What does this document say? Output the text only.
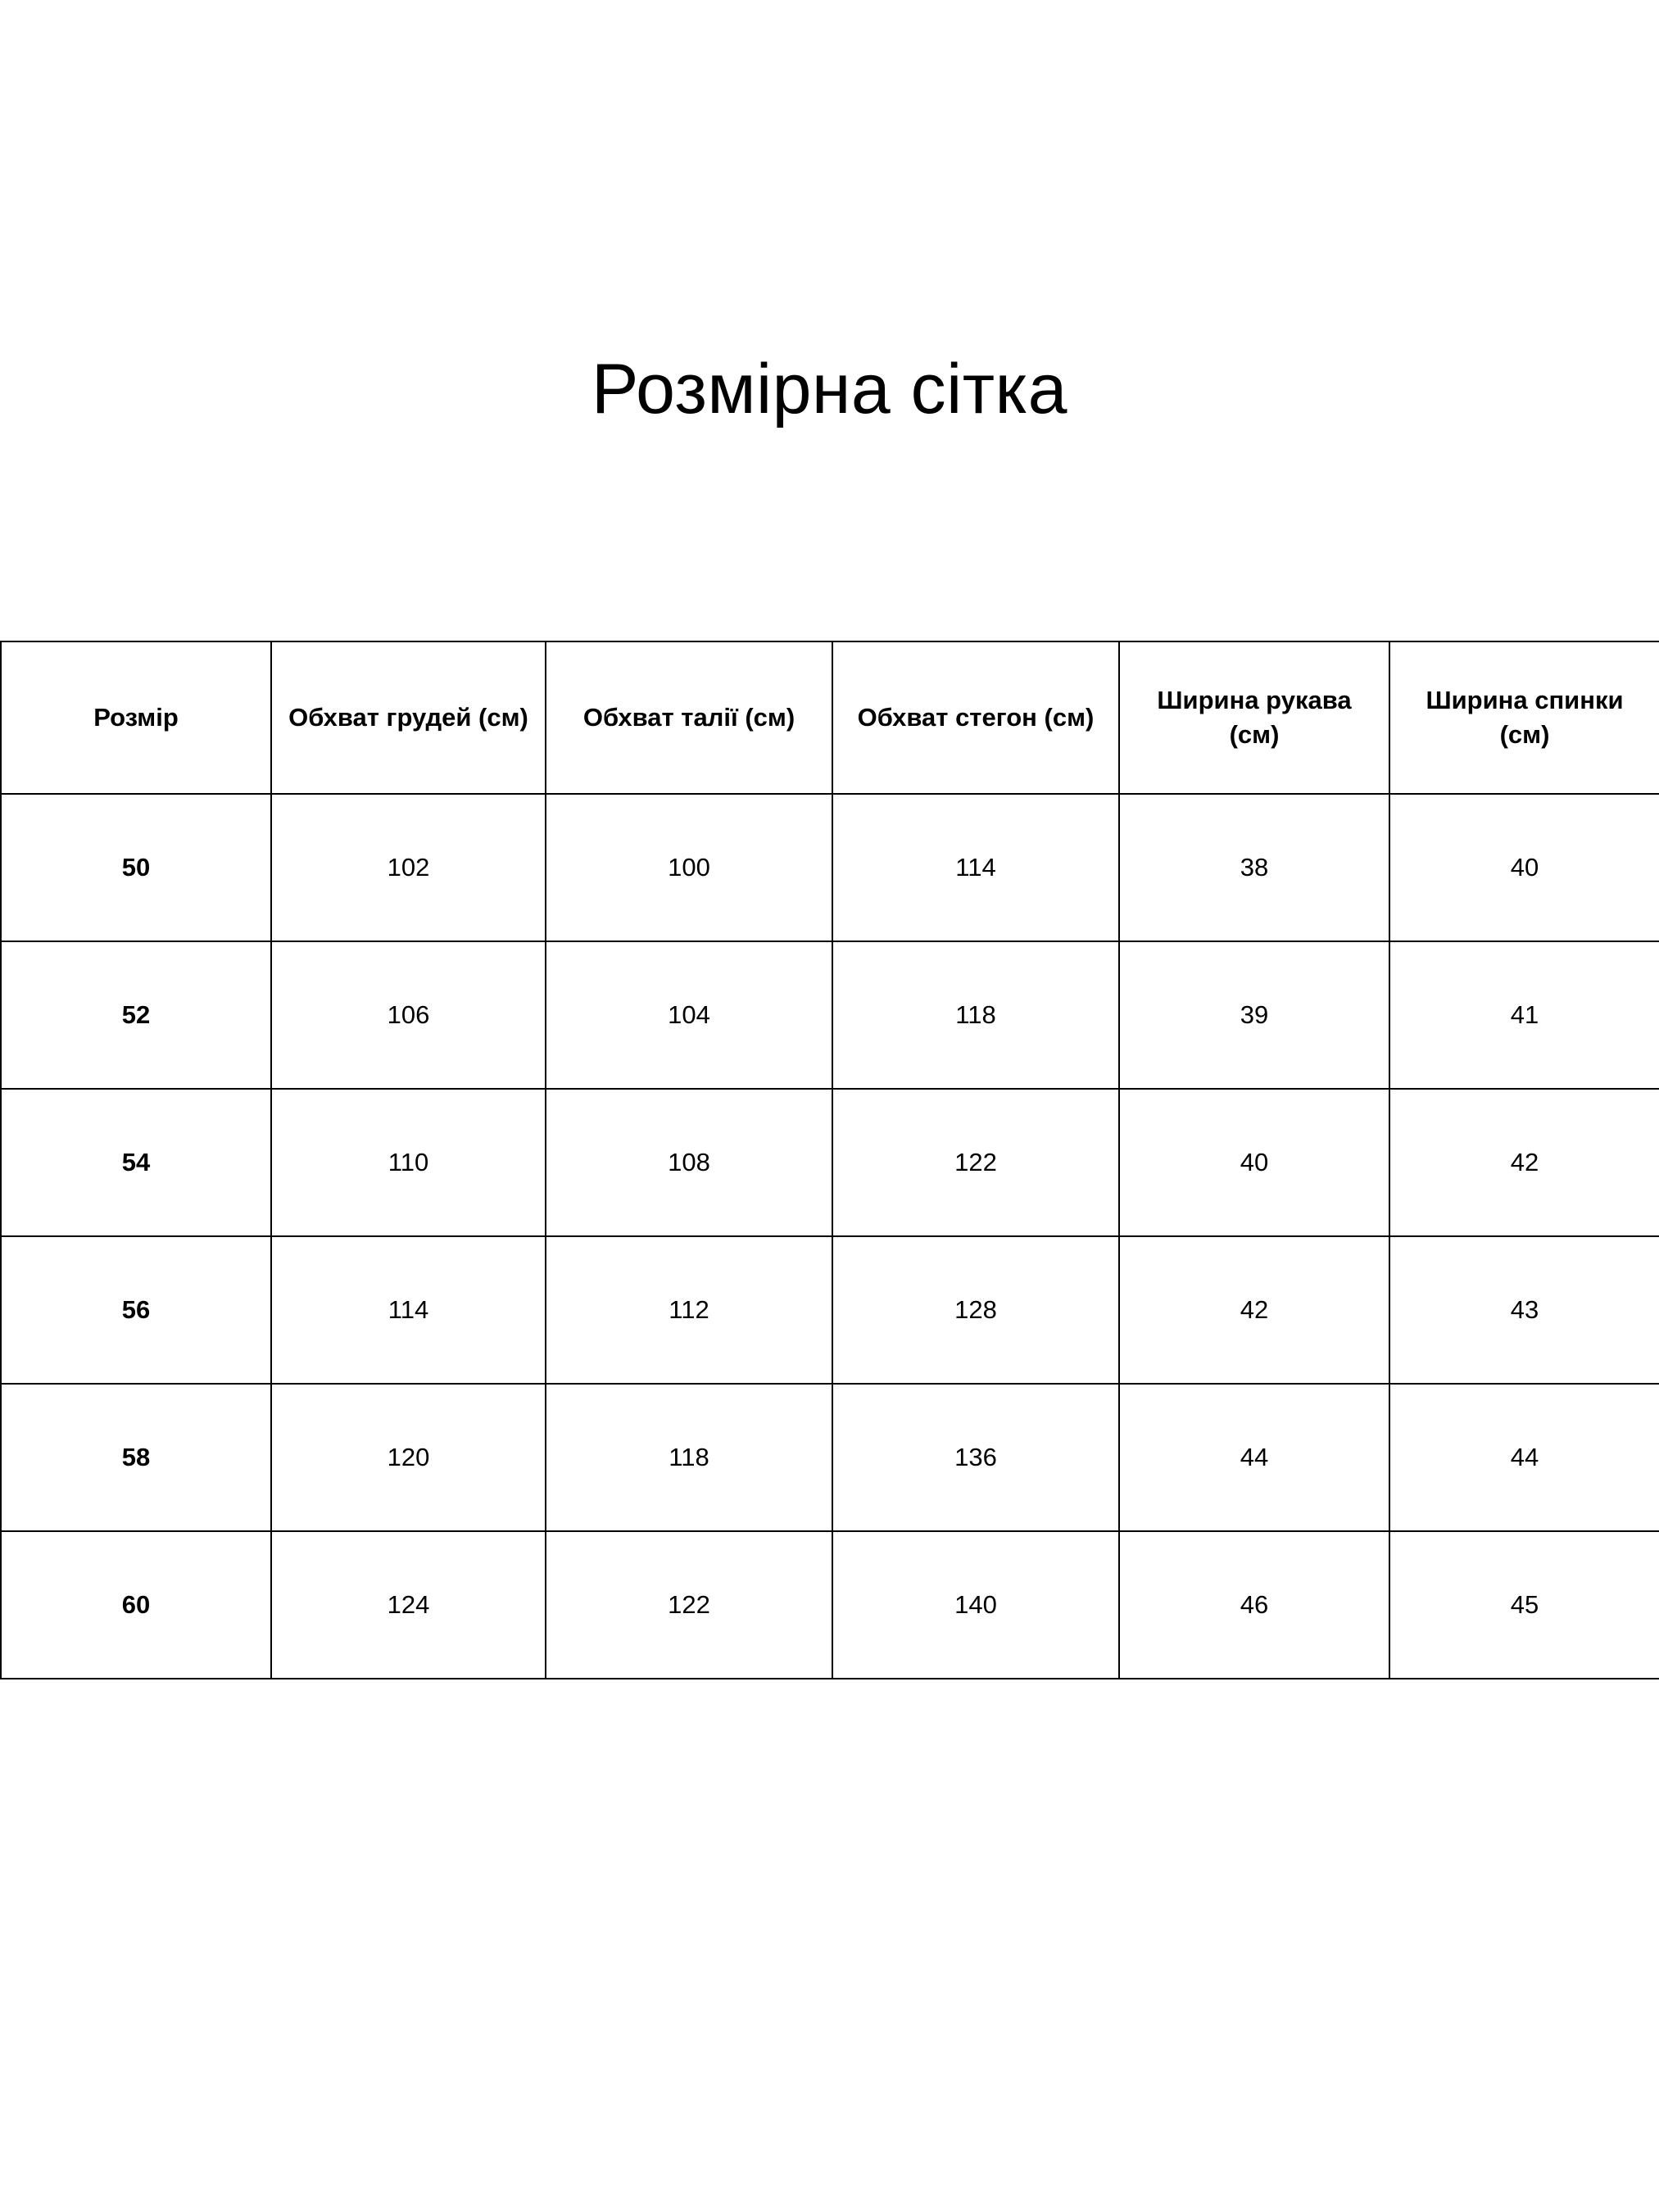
Розмірна сітка
Розмір	Обхват грудей (см)	Обхват талії (см)	Обхват стегон (см)	Ширина рукава (см)	Ширина спинки (см)
50	102	100	114	38	40
52	106	104	118	39	41
54	110	108	122	40	42
56	114	112	128	42	43
58	120	118	136	44	44
60	124	122	140	46	45
